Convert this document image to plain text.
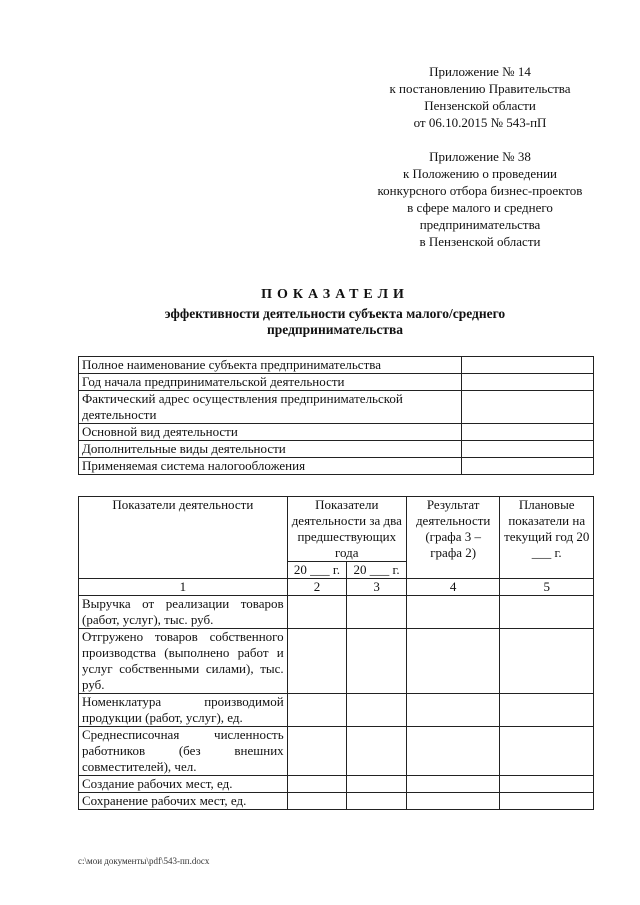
Приложение № 14
к постановлению Правительства
Пензенской области
от 06.10.2015 № 543-пП
Приложение № 38
к Положению о проведении
конкурсного отбора бизнес-проектов
в сфере малого и среднего
предпринимательства
в Пензенской области
ПОКАЗАТЕЛИ
эффективности деятельности субъекта малого/среднего
предпринимательства
Полное наименование субъекта предпринимательства	
Год начала предпринимательской деятельности	
Фактический адрес осуществления предпринимательской деятельности	
Основной вид деятельности	
Дополнительные виды деятельности	
Применяемая система налогообложения	
Показатели деятельности	Показатели деятельности за два предшествующих года		Результат деятельности (графа 3 – графа 2)	Плановые показатели на текущий год 20 ___ г.
	20 ___ г.	20 ___ г.		
1	2	3	4	5
Выручка от реализации товаров (работ, услуг), тыс. руб.				
Отгружено товаров собственного производства (выполнено работ и услуг собственными силами), тыс. руб.				
Номенклатура производимой продукции (работ, услуг), ед.				
Среднесписочная численность работников (без внешних совместителей), чел.				
Создание рабочих мест, ед.				
Сохранение рабочих мест, ед.				
c:\мои документы\pdf\543-пп.docx
